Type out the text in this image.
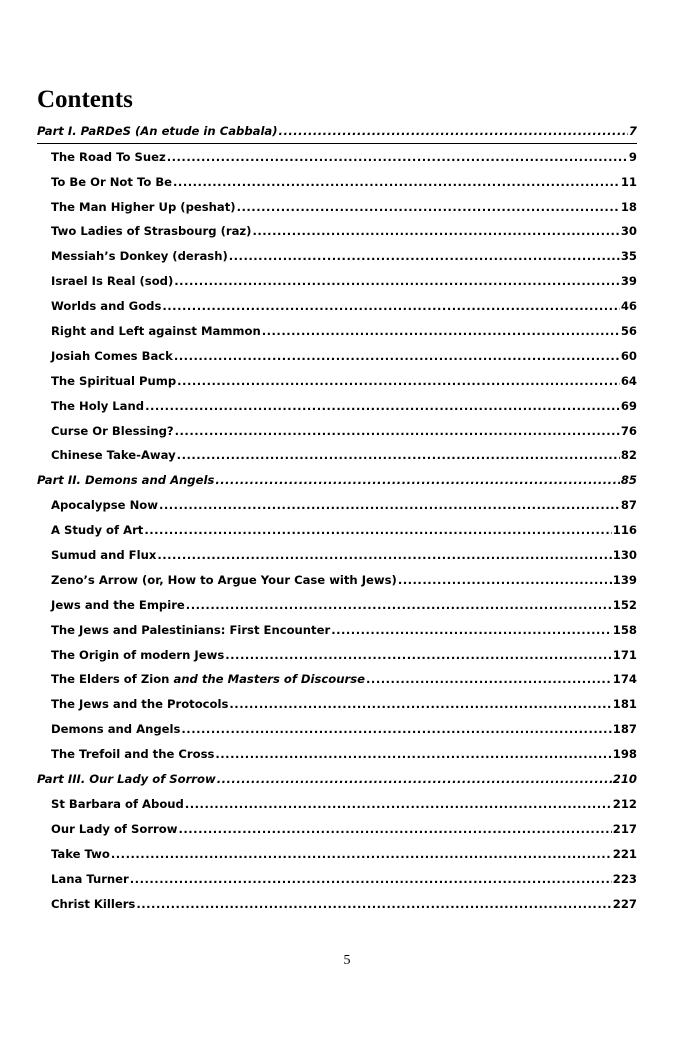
Contents
Part I. PaRDeS (An etude in Cabbala) .....	7
The Road To Suez .....	9
To Be Or Not To Be .....	11
The Man Higher Up (peshat) .....	18
Two Ladies of Strasbourg (raz) .....	30
Messiah’s Donkey (derash) .....	35
Israel Is Real (sod) .....	39
Worlds and Gods .....	46
Right and Left against Mammon .....	56
Josiah Comes Back .....	60
The Spiritual Pump .....	64
The Holy Land .....	69
Curse Or Blessing? .....	76
Chinese Take-Away .....	82
Part II. Demons and Angels .....	85
Apocalypse Now .....	87
A Study of Art .....	116
Sumud and Flux .....	130
Zeno’s Arrow (or, How to Argue Your Case with Jews) .....	139
Jews and the Empire .....	152
The Jews and Palestinians: First Encounter .....	158
The Origin of modern Jews .....	171
The Elders of Zion and the Masters of Discourse .....	174
The Jews and the Protocols .....	181
Demons and Angels .....	187
The Trefoil and the Cross .....	198
Part III. Our Lady of Sorrow .....	210
St Barbara of Aboud .....	212
Our Lady of Sorrow .....	217
Take Two .....	221
Lana Turner .....	223
Christ Killers .....	227
5
